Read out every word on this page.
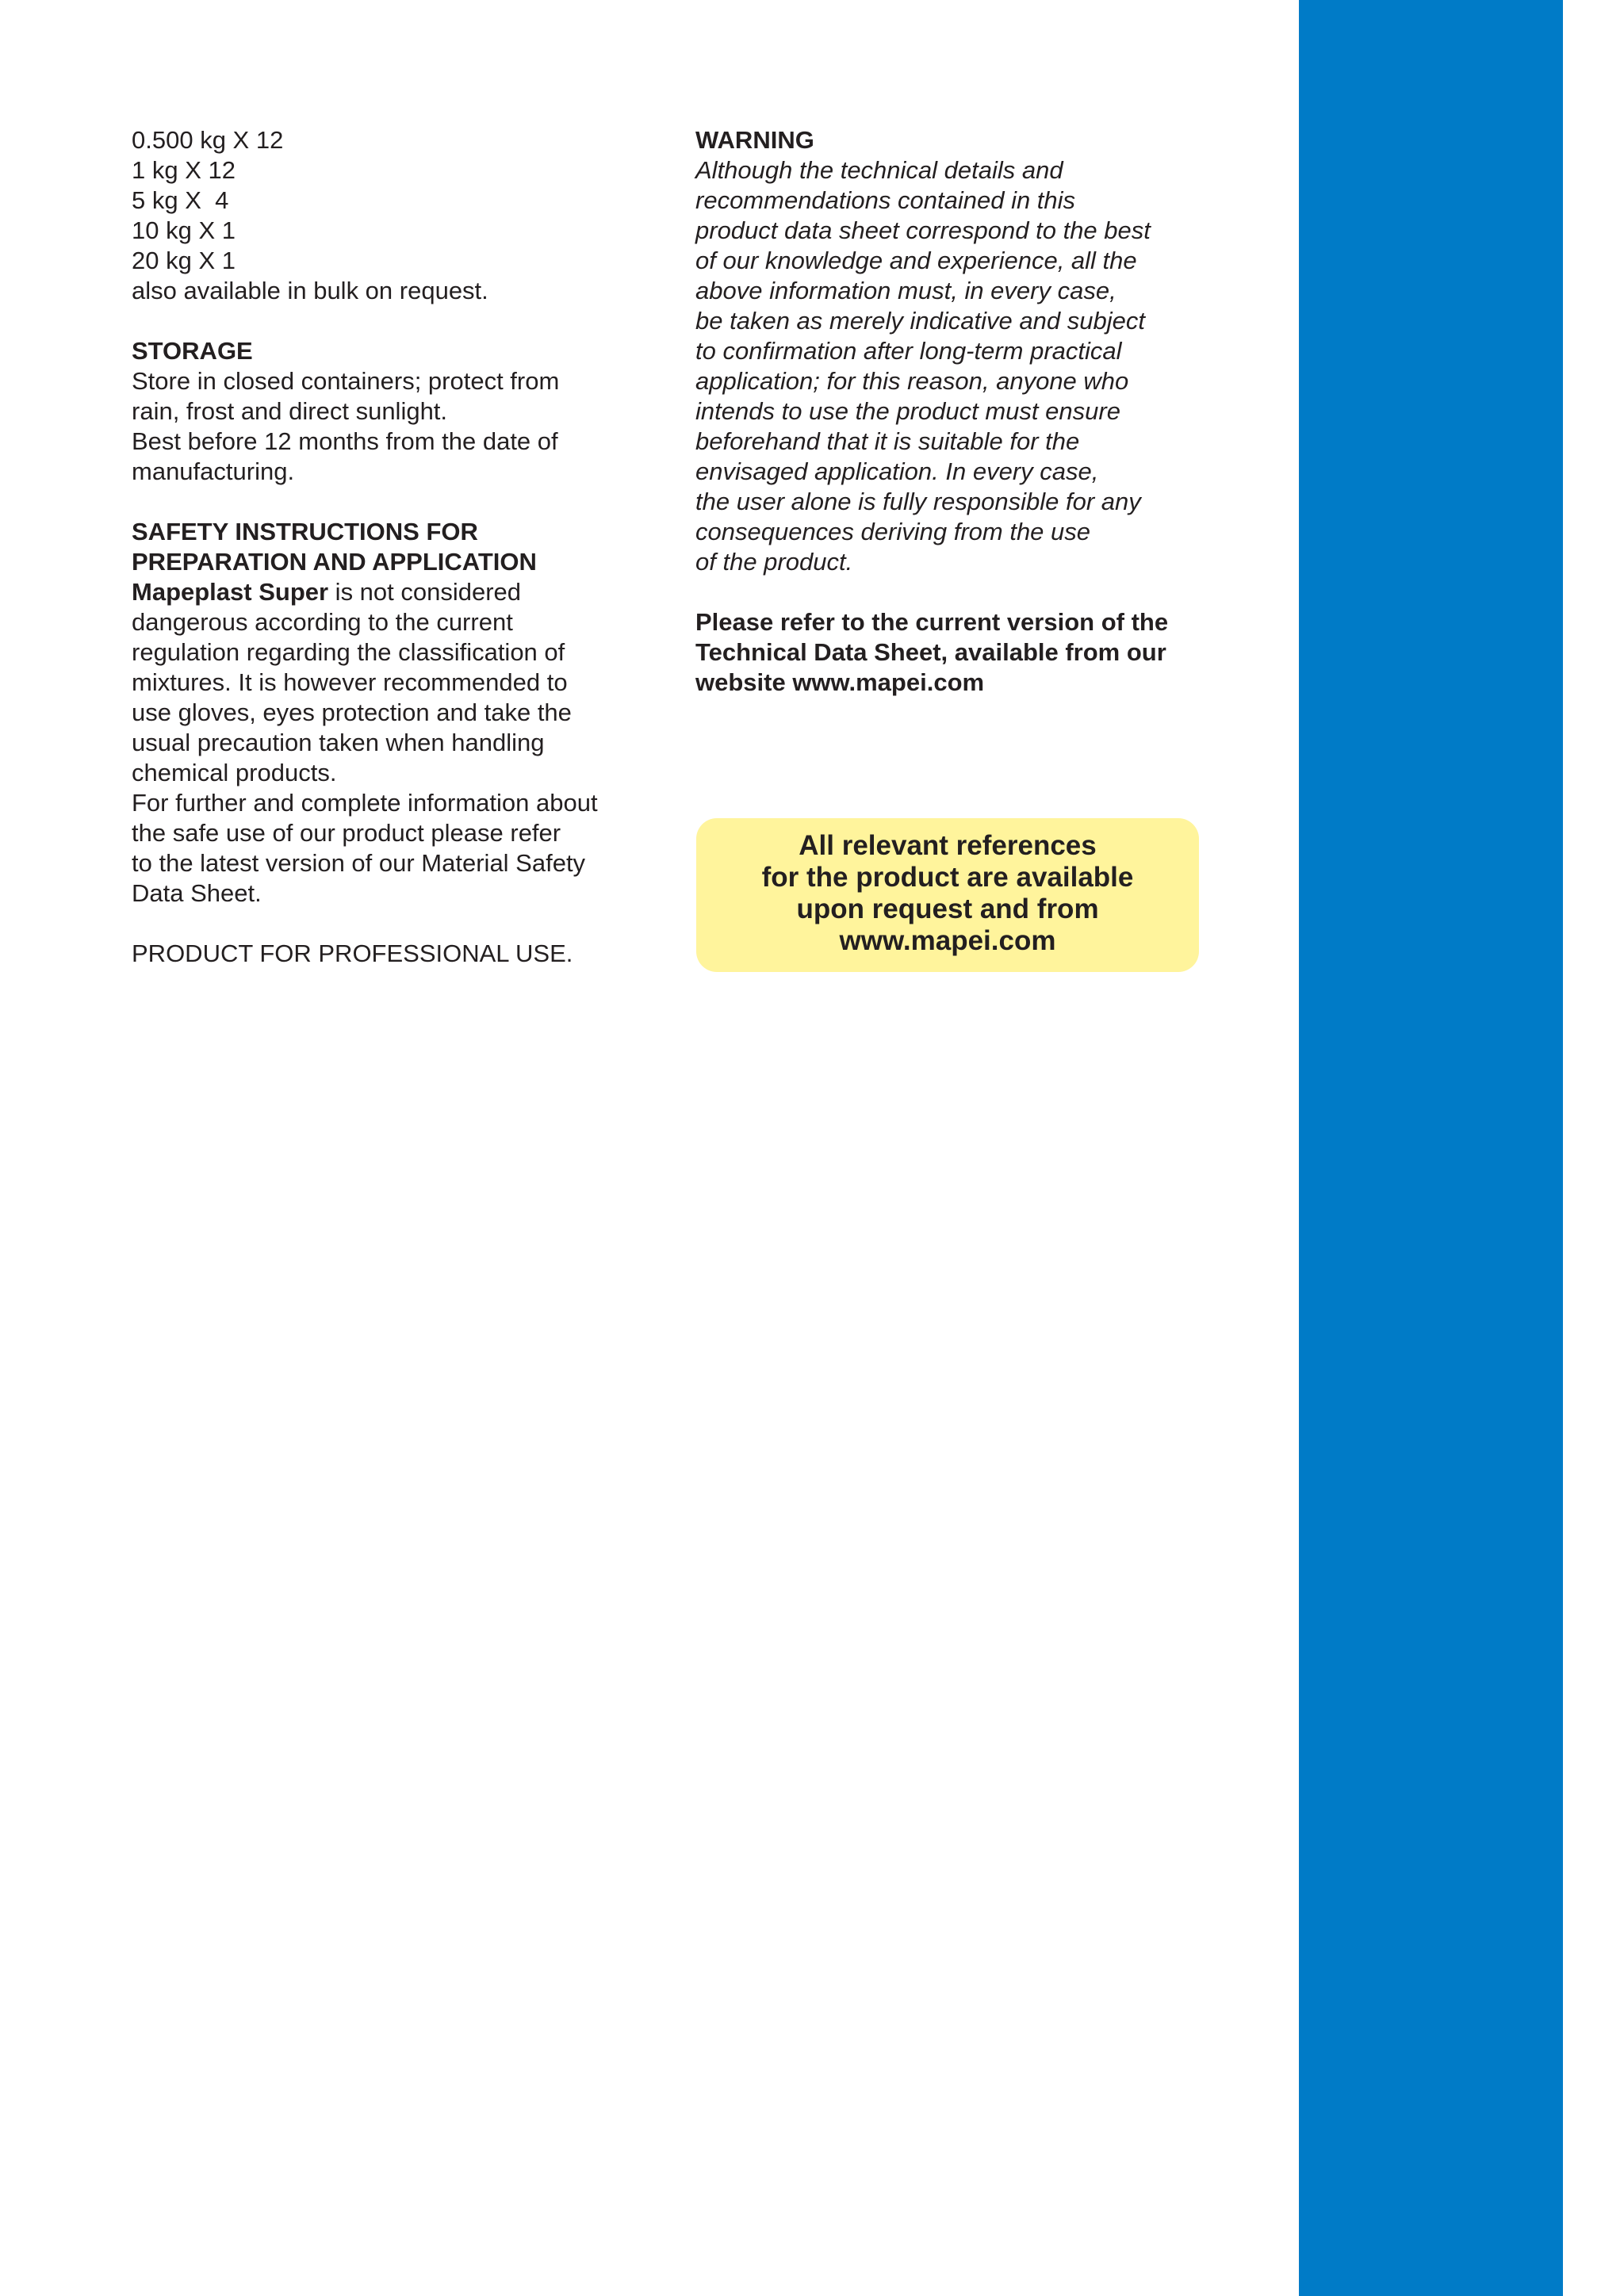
0.500 kg X 12
1 kg X 12
5 kg X  4
10 kg X 1
20 kg X 1
also available in bulk on request.
STORAGE
Store in closed containers; protect from
rain, frost and direct sunlight.
Best before 12 months from the date of
manufacturing.
SAFETY INSTRUCTIONS FOR
PREPARATION AND APPLICATION
Mapeplast Super is not considered
dangerous according to the current
regulation regarding the classification of
mixtures. It is however recommended to
use gloves, eyes protection and take the
usual precaution taken when handling
chemical products.
For further and complete information about
the safe use of our product please refer
to the latest version of our Material Safety
Data Sheet.
PRODUCT FOR PROFESSIONAL USE.
WARNING
Although the technical details and
recommendations contained in this
product data sheet correspond to the best
of our knowledge and experience, all the
above information must, in every case,
be taken as merely indicative and subject
to confirmation after long-term practical
application; for this reason, anyone who
intends to use the product must ensure
beforehand that it is suitable for the
envisaged application. In every case,
the user alone is fully responsible for any
consequences deriving from the use
of the product.
Please refer to the current version of the
Technical Data Sheet, available from our
website www.mapei.com
All relevant references
for the product are available
upon request and from
www.mapei.com
